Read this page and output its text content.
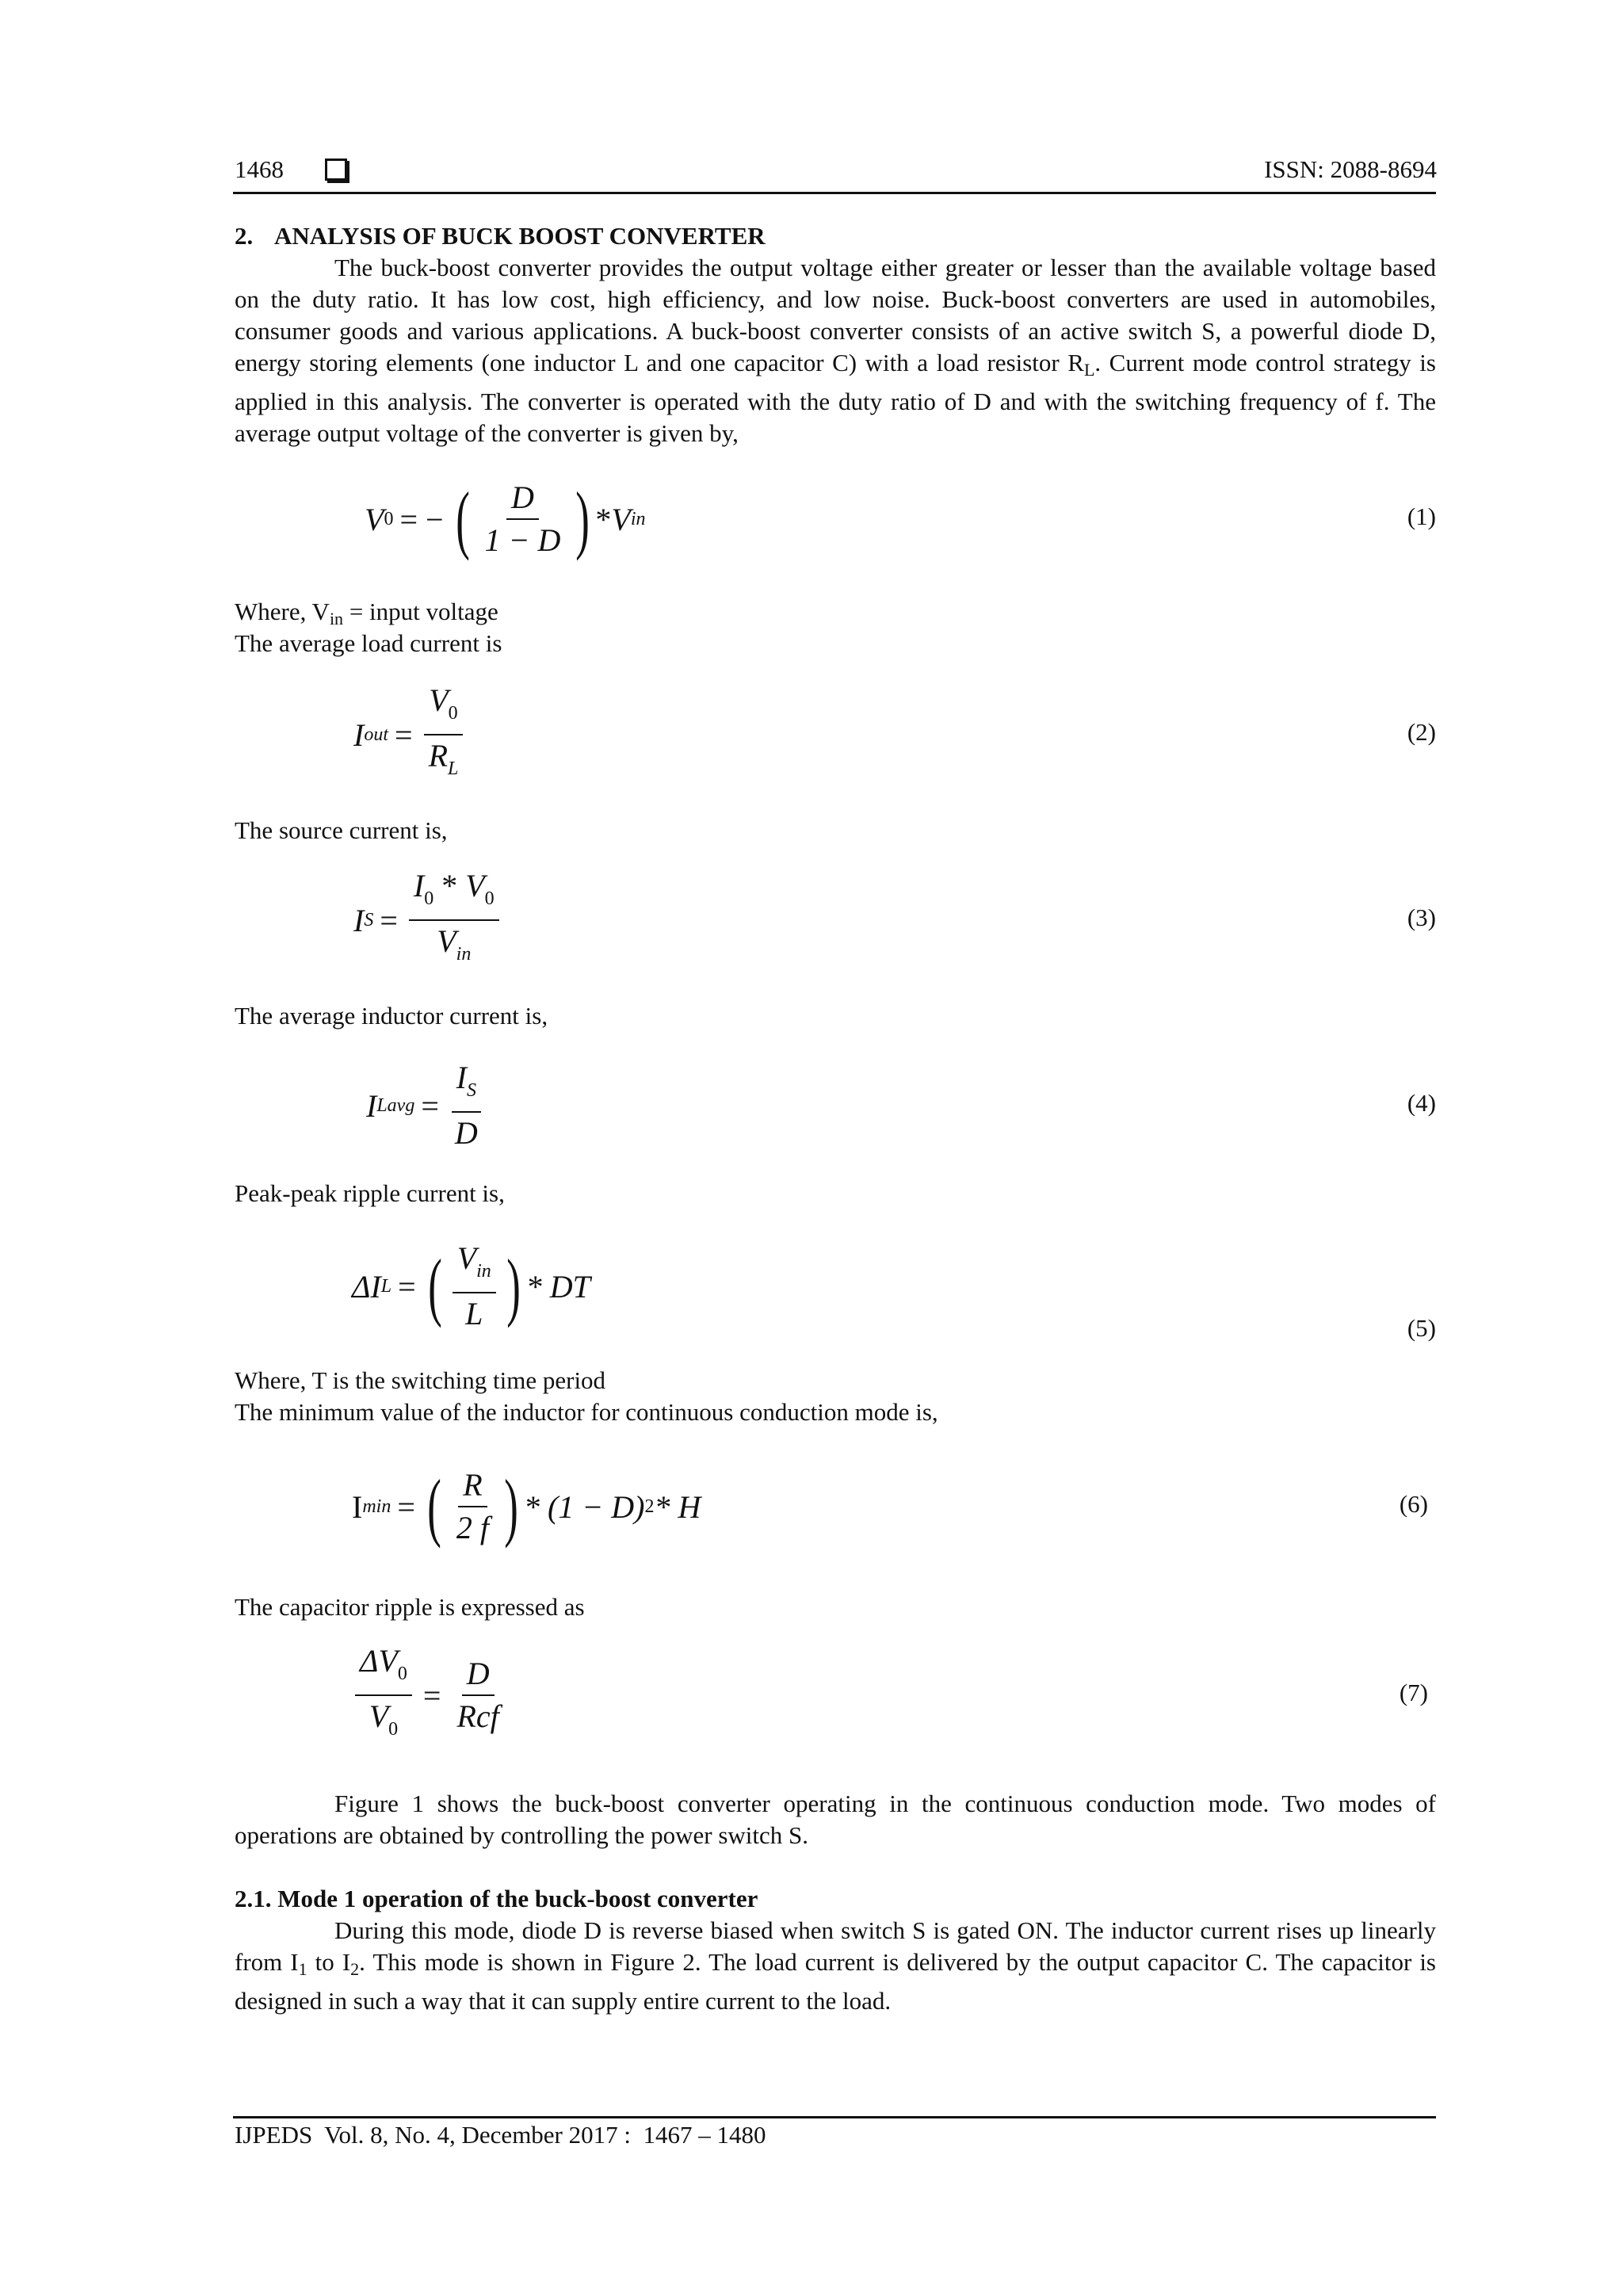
1468	ISSN: 2088-8694
2. ANALYSIS OF BUCK BOOST CONVERTER
The buck-boost converter provides the output voltage either greater or lesser than the available voltage based on the duty ratio. It has low cost, high efficiency, and low noise. Buck-boost converters are used in automobiles, consumer goods and various applications. A buck-boost converter consists of an active switch S, a powerful diode D, energy storing elements (one inductor L and one capacitor C) with a load resistor $R_L$. Current mode control strategy is applied in this analysis. The converter is operated with the duty ratio of D and with the switching frequency of f. The average output voltage of the converter is given by,
V 0 = − ( $\frac{D}{1 - D}$ ) * V in	(1)
Where, $V_{in}$ = input voltage
The average load current is
I out = $\frac{V_0}{R_L}$	(2)
The source current is,
I $S = \frac{I_0 * V_0}{V_{in}}$	(3)
The average inductor current is,
I Lavg = $\frac{I_S}{D}$	(4)
Peak-peak ripple current is,
ΔI L = ( $\frac{V_{in}}{L}$ ) * DT
(5)
Where, T is the switching time period
The minimum value of the inductor for continuous conduction mode is,
I min = ( $\frac{R}{2 f}$ ) * (1 − D) 2 * H	(6)
The capacitor ripple is expressed as
$\frac{\Delta V_0}{V_0} = \frac{D}{\text{Rcf}}$	(7)
Figure 1 shows the buck-boost converter operating in the continuous conduction mode. Two modes of operations are obtained by controlling the power switch S.
2.1. Mode 1 operation of the buck-boost converter
During this mode, diode D is reverse biased when switch S is gated ON. The inductor current rises up linearly from $I_1$ to $I_2$. This mode is shown in Figure 2. The load current is delivered by the output capacitor C. The capacitor is designed in such a way that it can supply entire current to the load.
IJPEDS  Vol. 8, No. 4, December 2017 :  1467 – 1480
